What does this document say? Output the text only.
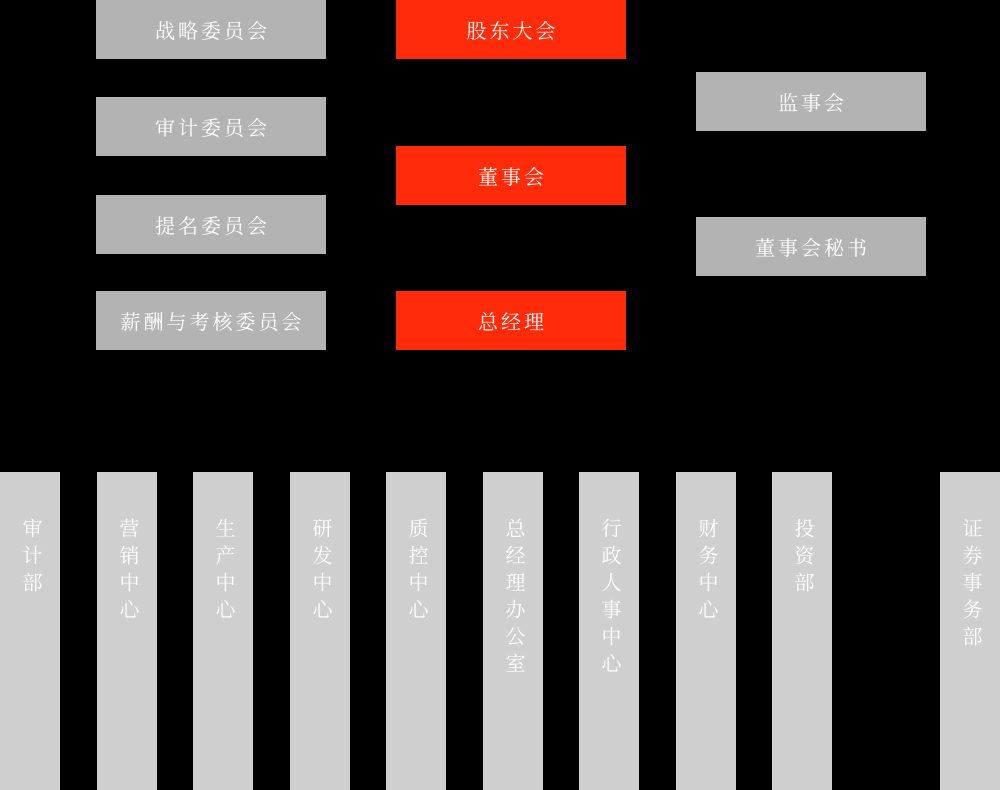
战略委员会
审计委员会
提名委员会
薪酬与考核委员会
股东大会
董事会
总经理
监事会
董事会秘书
审计部	营销中心	生产中心	研发中心	质控中心	总经理办公室	行政人事中心	财务中心	投资部	证券事务部
